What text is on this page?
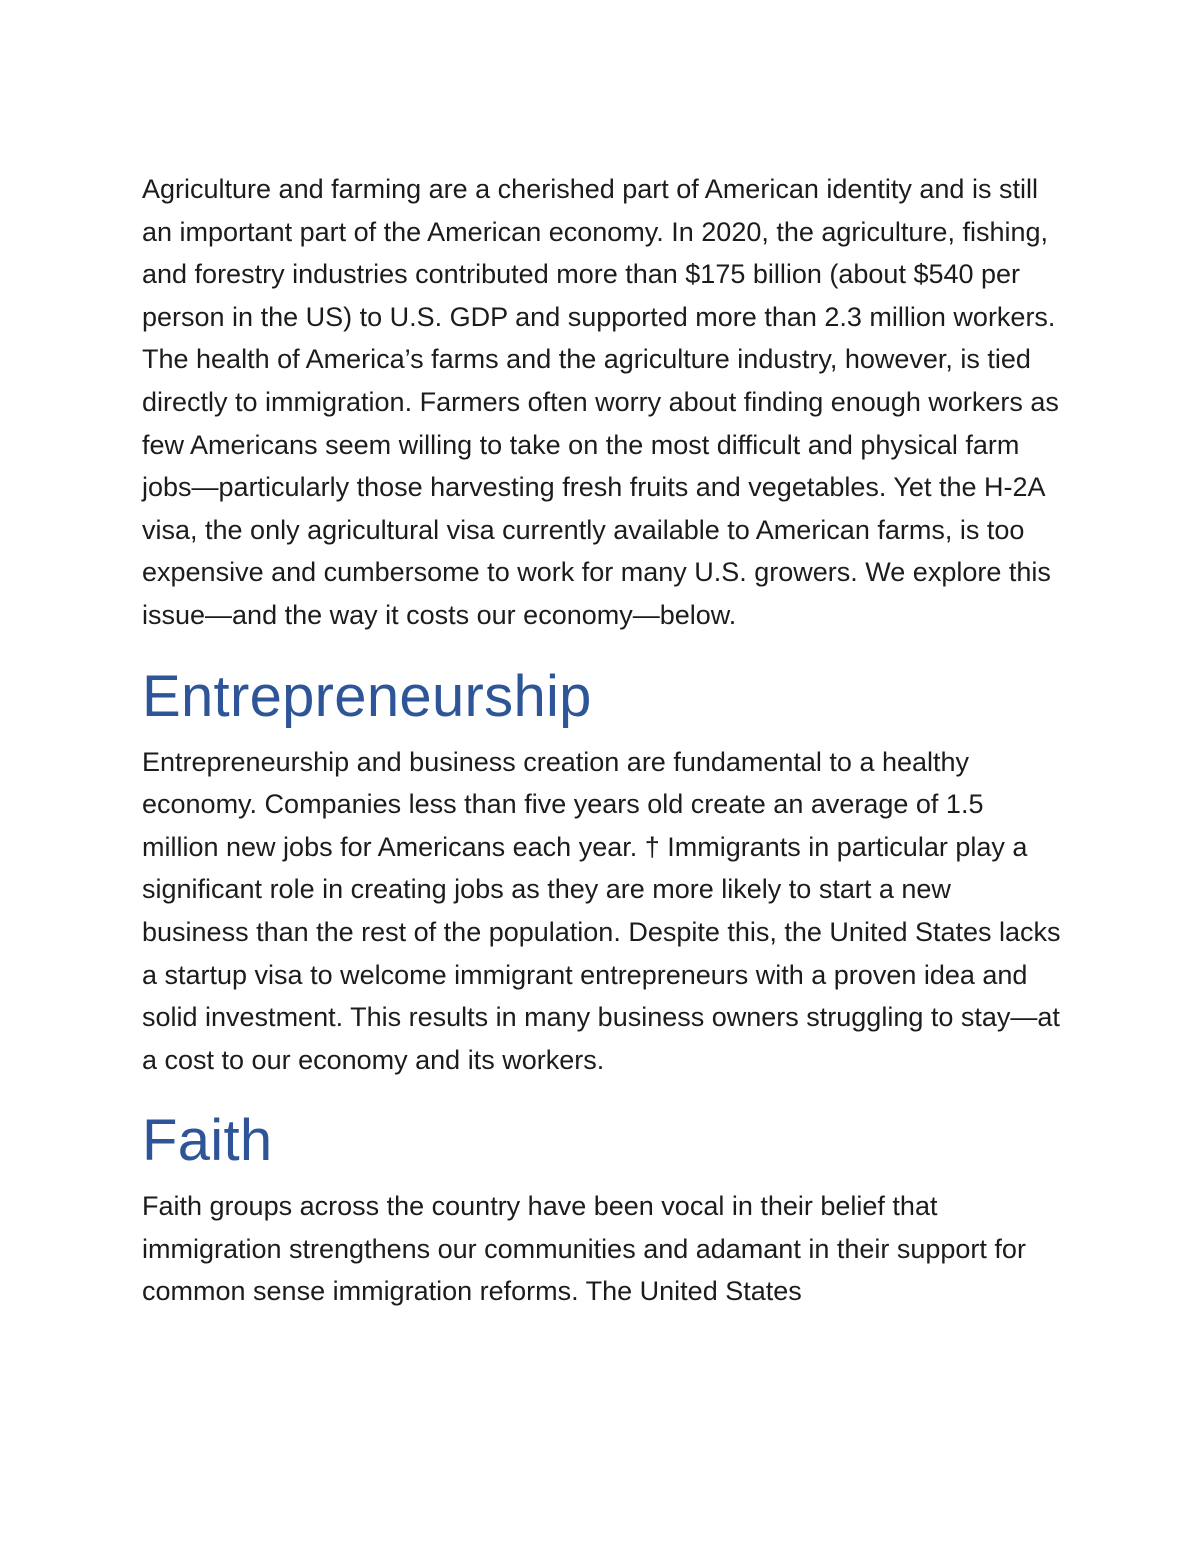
Agriculture and farming are a cherished part of American identity and is still an important part of the American economy. In 2020, the agriculture, fishing, and forestry industries contributed more than $175 billion (about $540 per person in the US) to U.S. GDP and supported more than 2.3 million workers. The health of America’s farms and the agriculture industry, however, is tied directly to immigration. Farmers often worry about finding enough workers as few Americans seem willing to take on the most difficult and physical farm jobs—particularly those harvesting fresh fruits and vegetables. Yet the H-2A visa, the only agricultural visa currently available to American farms, is too expensive and cumbersome to work for many U.S. growers. We explore this issue—and the way it costs our economy—below.

Entrepreneurship

Entrepreneurship and business creation are fundamental to a healthy economy. Companies less than five years old create an average of 1.5 million new jobs for Americans each year. † Immigrants in particular play a significant role in creating jobs as they are more likely to start a new business than the rest of the population. Despite this, the United States lacks a startup visa to welcome immigrant entrepreneurs with a proven idea and solid investment. This results in many business owners struggling to stay—at a cost to our economy and its workers.

Faith

Faith groups across the country have been vocal in their belief that immigration strengthens our communities and adamant in their support for common sense immigration reforms. The United States
